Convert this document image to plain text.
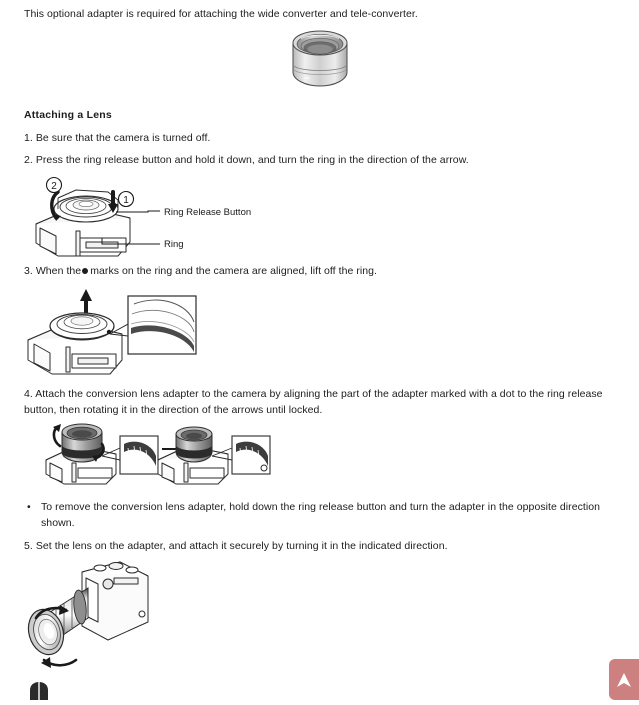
This optional adapter is required for attaching the wide converter and tele-converter.
Attaching a Lens
1. Be sure that the camera is turned off.
2. Press the ring release button and hold it down, and turn the ring in the direction of the arrow.
2
1
Ring Release Button
Ring
3. When the marks on the ring and the camera are aligned, lift off the ring.
4. Attach the conversion lens adapter to the camera by aligning the part of the adapter marked with a dot to the ring release button, then rotating it in the direction of the arrows until locked.
• To remove the conversion lens adapter, hold down the ring release button and turn the adapter in the opposite direction shown.
5. Set the lens on the adapter, and attach it securely by turning it in the indicated direction.
